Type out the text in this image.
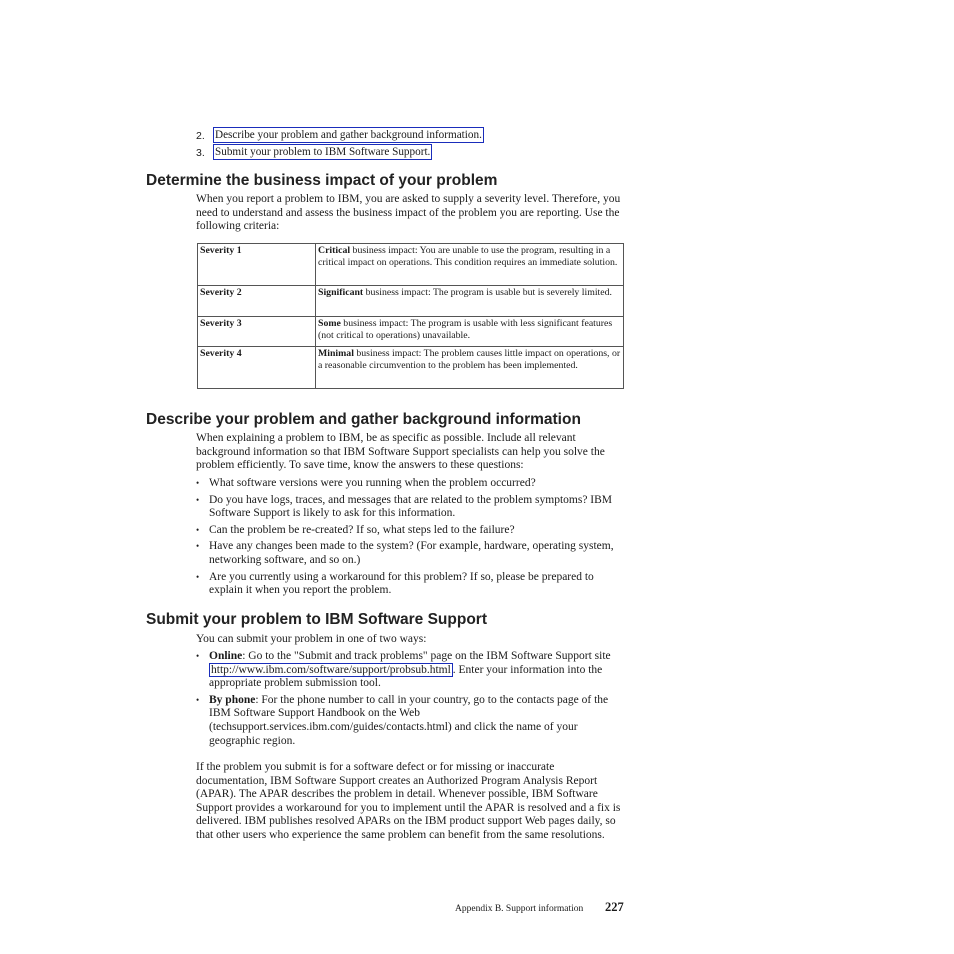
2. Describe your problem and gather background information.
3. Submit your problem to IBM Software Support.
Determine the business impact of your problem
When you report a problem to IBM, you are asked to supply a severity level. Therefore, you need to understand and assess the business impact of the problem you are reporting. Use the following criteria:
Severity 1	Critical business impact: You are unable to use the program, resulting in a critical impact on operations. This condition requires an immediate solution.
Severity 2	Significant business impact: The program is usable but is severely limited.
Severity 3	Some business impact: The program is usable with less significant features (not critical to operations) unavailable.
Severity 4	Minimal business impact: The problem causes little impact on operations, or a reasonable circumvention to the problem has been implemented.
Describe your problem and gather background information
When explaining a problem to IBM, be as specific as possible. Include all relevant background information so that IBM Software Support specialists can help you solve the problem efficiently. To save time, know the answers to these questions:
• What software versions were you running when the problem occurred?
• Do you have logs, traces, and messages that are related to the problem symptoms? IBM Software Support is likely to ask for this information.
• Can the problem be re-created? If so, what steps led to the failure?
• Have any changes been made to the system? (For example, hardware, operating system, networking software, and so on.)
• Are you currently using a workaround for this problem? If so, please be prepared to explain it when you report the problem.
Submit your problem to IBM Software Support
You can submit your problem in one of two ways:
• Online: Go to the "Submit and track problems" page on the IBM Software Support site http://www.ibm.com/software/support/probsub.html . Enter your information into the appropriate problem submission tool.
• By phone: For the phone number to call in your country, go to the contacts page of the IBM Software Support Handbook on the Web (techsupport.services.ibm.com/guides/contacts.html) and click the name of your geographic region.
If the problem you submit is for a software defect or for missing or inaccurate documentation, IBM Software Support creates an Authorized Program Analysis Report (APAR). The APAR describes the problem in detail. Whenever possible, IBM Software Support provides a workaround for you to implement until the APAR is resolved and a fix is delivered. IBM publishes resolved APARs on the IBM product support Web pages daily, so that other users who experience the same problem can benefit from the same resolutions.
Appendix B. Support information 227
